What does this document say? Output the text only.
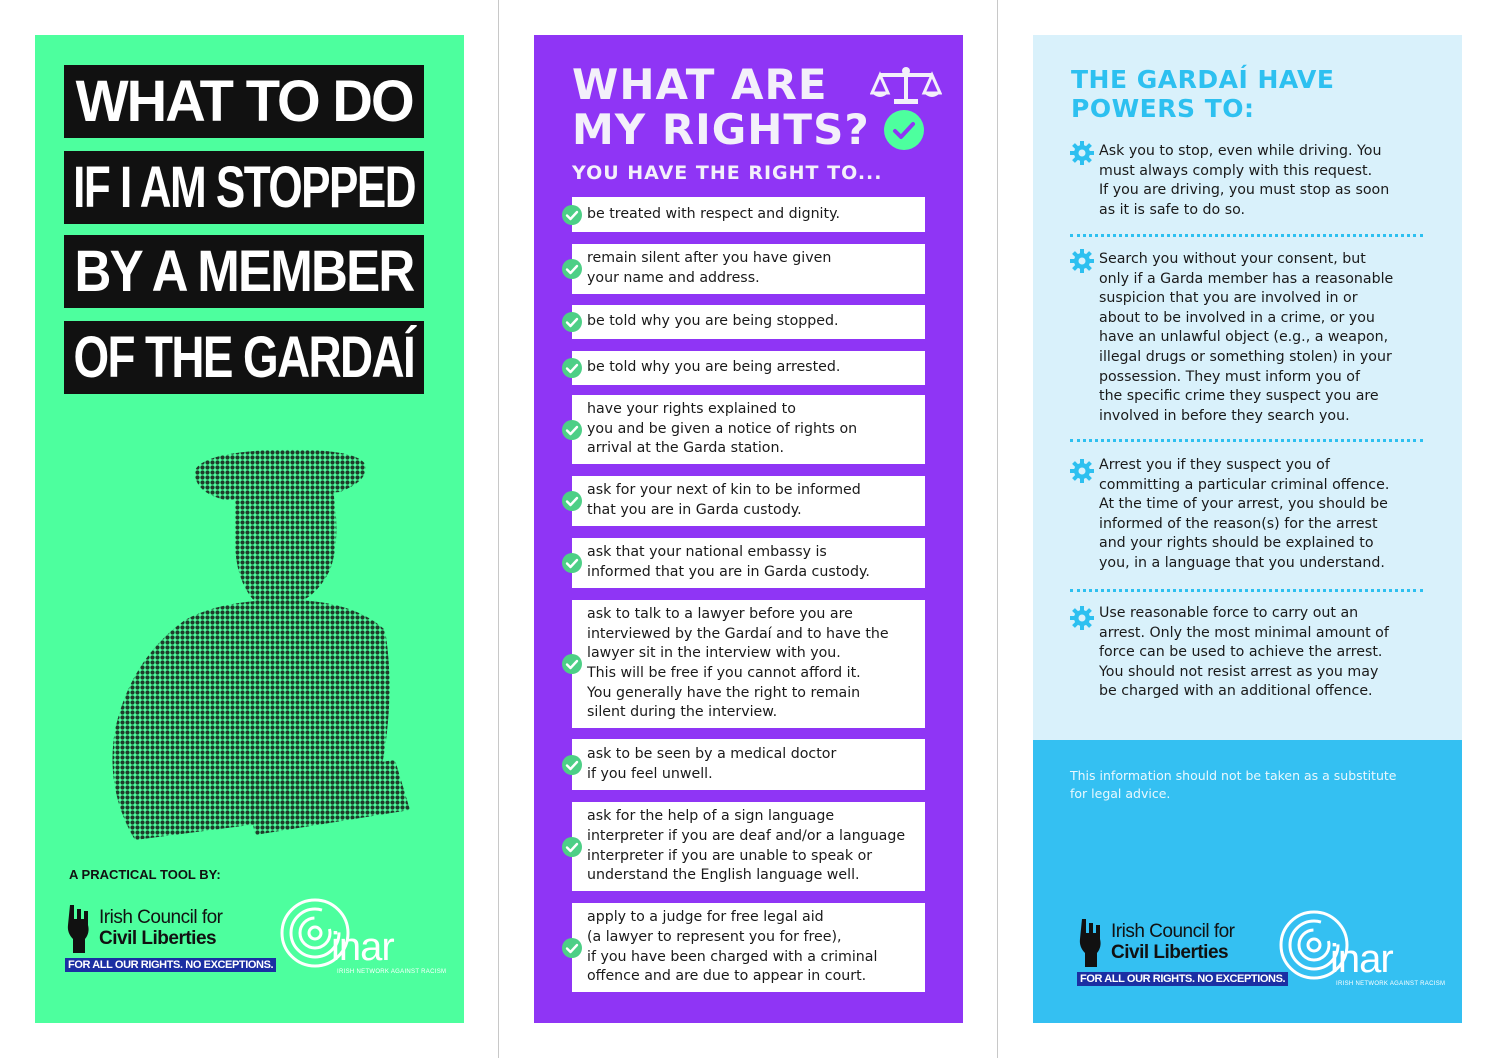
WHAT TO DO
IF I AM STOPPED
BY A MEMBER
OF THE GARDAÍ
A PRACTICAL TOOL BY:
Irish Council for
Civil Liberties
FOR ALL OUR RIGHTS. NO EXCEPTIONS. inar
IRISH NETWORK AGAINST RACISM
WHAT ARE
MY RIGHTS?
YOU HAVE THE RIGHT TO...
be treated with respect and dignity.
remain silent after you have given
your name and address.
be told why you are being stopped.
be told why you are being arrested.
have your rights explained to
you and be given a notice of rights on
arrival at the Garda station.
ask for your next of kin to be informed
that you are in Garda custody.
ask that your national embassy is
informed that you are in Garda custody.
ask to talk to a lawyer before you are
interviewed by the Gardaí and to have the
lawyer sit in the interview with you.
This will be free if you cannot afford it.
You generally have the right to remain
silent during the interview.
ask to be seen by a medical doctor
if you feel unwell.
ask for the help of a sign language
interpreter if you are deaf and/or a language
interpreter if you are unable to speak or
understand the English language well.
apply to a judge for free legal aid
(a lawyer to represent you for free),
if you have been charged with a criminal
offence and are due to appear in court.
THE GARDAÍ HAVE
POWERS TO:
Ask you to stop, even while driving. You
must always comply with this request.
If you are driving, you must stop as soon
as it is safe to do so.
Search you without your consent, but
only if a Garda member has a reasonable
suspicion that you are involved in or
about to be involved in a crime, or you
have an unlawful object (e.g., a weapon,
illegal drugs or something stolen) in your
possession. They must inform you of
the specific crime they suspect you are
involved in before they search you.
Arrest you if they suspect you of
committing a particular criminal offence.
At the time of your arrest, you should be
informed of the reason(s) for the arrest
and your rights should be explained to
you, in a language that you understand.
Use reasonable force to carry out an
arrest. Only the most minimal amount of
force can be used to achieve the arrest.
You should not resist arrest as you may
be charged with an additional offence.
This information should not be taken as a substitute
for legal advice.
Irish Council for
Civil Liberties
FOR ALL OUR RIGHTS. NO EXCEPTIONS. inar
IRISH NETWORK AGAINST RACISM
